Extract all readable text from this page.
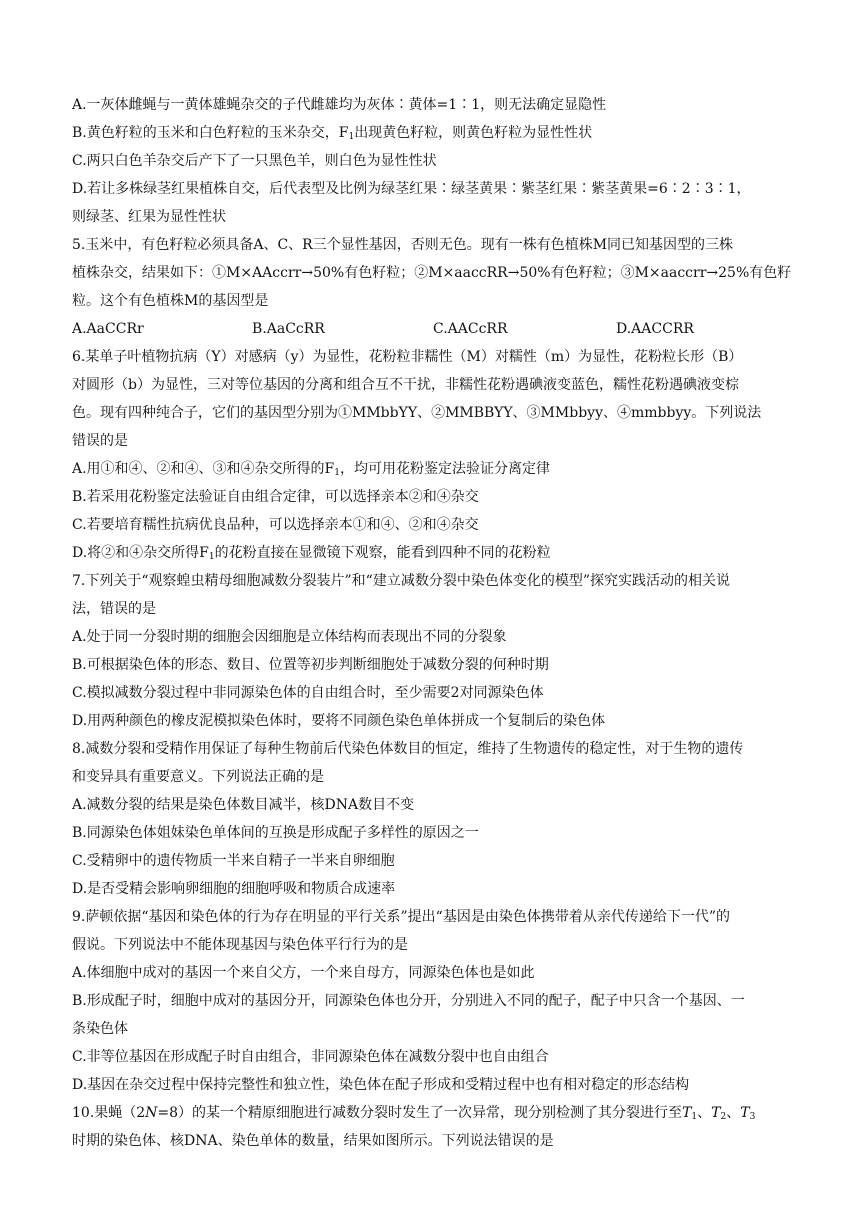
A.一灰体雌蝇与一黄体雄蝇杂交的子代雌雄均为灰体∶黄体=1∶1，则无法确定显隐性
B.黄色籽粒的玉米和白色籽粒的玉米杂交，$F_1$出现黄色籽粒，则黄色籽粒为显性性状
C.两只白色羊杂交后产下了一只黑色羊，则白色为显性性状
D.若让多株绿茎红果植株自交，后代表型及比例为绿茎红果∶绿茎黄果∶紫茎红果∶紫茎黄果=6∶2∶3∶1，
则绿茎、红果为显性性状
5.玉米中，有色籽粒必须具备A、C、R三个显性基因，否则无色。现有一株有色植株M同已知基因型的三株
植株杂交，结果如下：①M×AAccrr→50%有色籽粒；②M×aaccRR→50%有色籽粒；③M×aaccrr→25%有色籽
粒。这个有色植株M的基因型是
A.AaCCRr	B.AaCcRR	C.AACcRR	D.AACCRR
6.某单子叶植物抗病（Y）对感病（y）为显性，花粉粒非糯性（M）对糯性（m）为显性，花粉粒长形（B）
对圆形（b）为显性，三对等位基因的分离和组合互不干扰，非糯性花粉遇碘液变蓝色，糯性花粉遇碘液变棕
色。现有四种纯合子，它们的基因型分别为①MMbbYY、②MMBBYY、③MMbbyy、④mmbbyy。下列说法
错误的是
A.用①和④、②和④、③和④杂交所得的$F_1$，均可用花粉鉴定法验证分离定律
B.若采用花粉鉴定法验证自由组合定律，可以选择亲本②和④杂交
C.若要培育糯性抗病优良品种，可以选择亲本①和④、②和④杂交
D.将②和④杂交所得$F_1$的花粉直接在显微镜下观察，能看到四种不同的花粉粒
7.下列关于“观察蝗虫精母细胞减数分裂装片”和“建立减数分裂中染色体变化的模型”探究实践活动的相关说
法，错误的是
A.处于同一分裂时期的细胞会因细胞是立体结构而表现出不同的分裂象
B.可根据染色体的形态、数目、位置等初步判断细胞处于减数分裂的何种时期
C.模拟减数分裂过程中非同源染色体的自由组合时，至少需要2对同源染色体
D.用两种颜色的橡皮泥模拟染色体时，要将不同颜色染色单体拼成一个复制后的染色体
8.减数分裂和受精作用保证了每种生物前后代染色体数目的恒定，维持了生物遗传的稳定性，对于生物的遗传
和变异具有重要意义。下列说法正确的是
A.减数分裂的结果是染色体数目减半，核DNA数目不变
B.同源染色体姐妹染色单体间的互换是形成配子多样性的原因之一
C.受精卵中的遗传物质一半来自精子一半来自卵细胞
D.是否受精会影响卵细胞的细胞呼吸和物质合成速率
9.萨顿依据“基因和染色体的行为存在明显的平行关系”提出“基因是由染色体携带着从亲代传递给下一代”的
假说。下列说法中不能体现基因与染色体平行行为的是
A.体细胞中成对的基因一个来自父方，一个来自母方，同源染色体也是如此
B.形成配子时，细胞中成对的基因分开，同源染色体也分开，分别进入不同的配子，配子中只含一个基因、一
条染色体
C.非等位基因在形成配子时自由组合，非同源染色体在减数分裂中也自由组合
D.基因在杂交过程中保持完整性和独立性，染色体在配子形成和受精过程中也有相对稳定的形态结构
10.果蝇（2N=8）的某一个精原细胞进行减数分裂时发生了一次异常，现分别检测了其分裂进行至$T_1$、$T_2$、$T_3$
时期的染色体、核DNA、染色单体的数量，结果如图所示。下列说法错误的是
